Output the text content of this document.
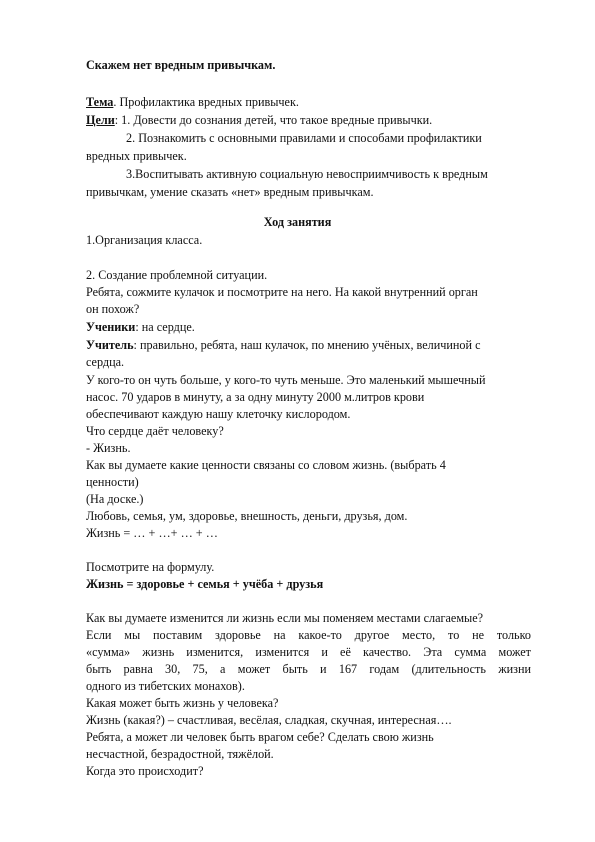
Скажем нет вредным привычкам.
Тема. Профилактика вредных привычек.
Цели: 1. Довести до сознания детей, что такое вредные привычки.
2. Познакомить с основными правилами и способами профилактики
вредных привычек.
3.Воспитывать активную социальную невосприимчивость к вредным
привычкам, умение сказать «нет» вредным привычкам.
Ход занятия
1.Организация класса.
2. Создание проблемной ситуации.
Ребята, сожмите кулачок и посмотрите на него. На какой внутренний орган
он похож?
Ученики: на сердце.
Учитель: правильно, ребята, наш кулачок, по мнению учёных, величиной с
сердца.
У кого-то он чуть больше, у кого-то чуть меньше. Это маленький мышечный
насос. 70 ударов в минуту, а за одну минуту 2000 м.литров крови
обеспечивают каждую нашу клеточку кислородом.
Что сердце даёт человеку?
- Жизнь.
Как вы думаете какие ценности связаны со словом жизнь. (выбрать 4
ценности)
(На доске.)
Любовь, семья, ум, здоровье, внешность, деньги, друзья, дом.
Жизнь = … + …+ … + …
Посмотрите на формулу.
Жизнь = здоровье + семья + учёба + друзья
Как вы думаете изменится ли жизнь если мы поменяем местами слагаемые?
Если мы поставим здоровье на какое-то другое место, то не только
«сумма» жизнь изменится, изменится и её качество. Эта сумма может
быть равна 30, 75, а может быть и 167 годам (длительность жизни
одного из тибетских монахов).
Какая может быть жизнь у человека?
Жизнь (какая?) – счастливая, весёлая, сладкая, скучная, интересная….
Ребята, а может ли человек быть врагом себе? Сделать свою жизнь
несчастной, безрадостной, тяжёлой.
Когда это происходит?
